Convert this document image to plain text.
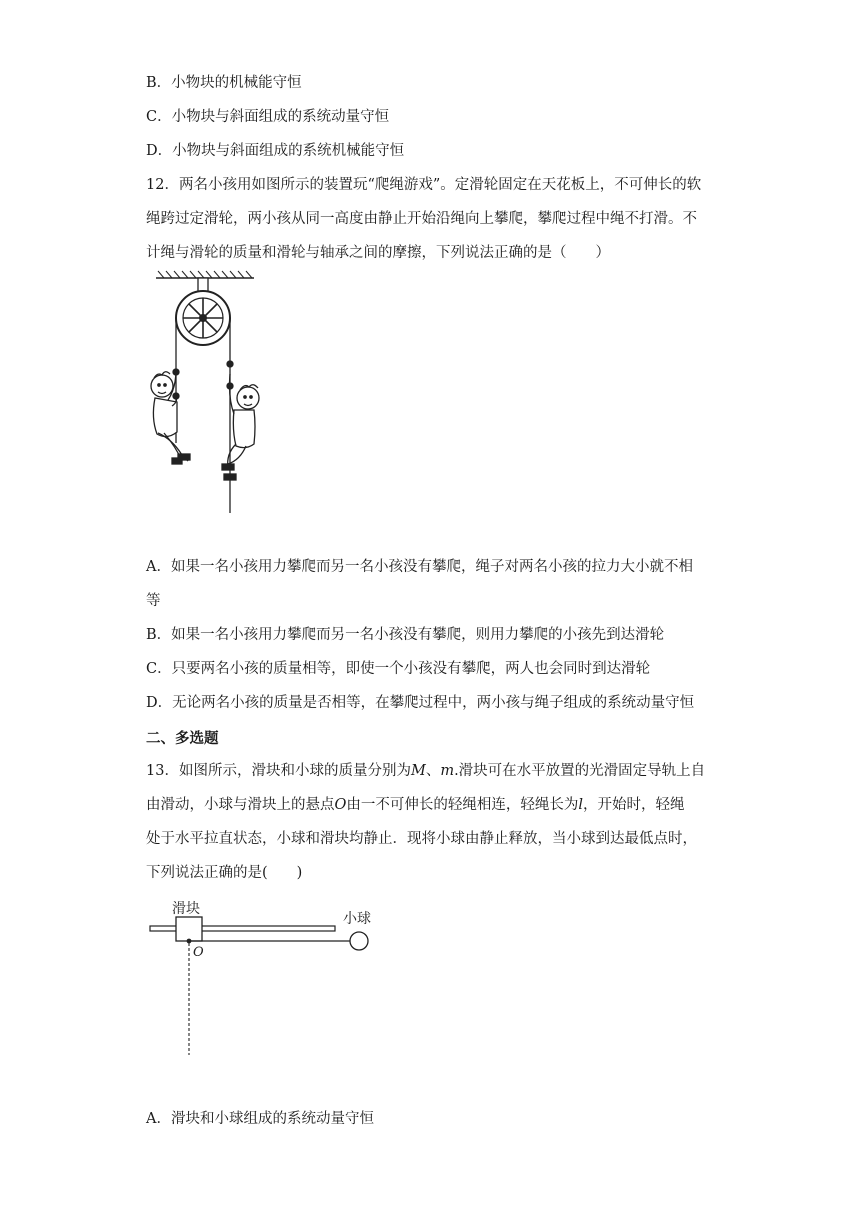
B．小物块的机械能守恒
C．小物块与斜面组成的系统动量守恒
D．小物块与斜面组成的系统机械能守恒
12．两名小孩用如图所示的装置玩“爬绳游戏”。定滑轮固定在天花板上，不可伸长的软
绳跨过定滑轮，两小孩从同一高度由静止开始沿绳向上攀爬，攀爬过程中绳不打滑。不
计绳与滑轮的质量和滑轮与轴承之间的摩擦，下列说法正确的是（　　）
A．如果一名小孩用力攀爬而另一名小孩没有攀爬，绳子对两名小孩的拉力大小就不相
等
B．如果一名小孩用力攀爬而另一名小孩没有攀爬，则用力攀爬的小孩先到达滑轮
C．只要两名小孩的质量相等，即使一个小孩没有攀爬，两人也会同时到达滑轮
D．无论两名小孩的质量是否相等，在攀爬过程中，两小孩与绳子组成的系统动量守恒
二、多选题
13．如图所示，滑块和小球的质量分别为M、m.滑块可在水平放置的光滑固定导轨上自
由滑动，小球与滑块上的悬点O由一不可伸长的轻绳相连，轻绳长为l，开始时，轻绳
处于水平拉直状态，小球和滑块均静止．现将小球由静止释放，当小球到达最低点时，
下列说法正确的是(　　)
滑块
小球
O
A．滑块和小球组成的系统动量守恒
